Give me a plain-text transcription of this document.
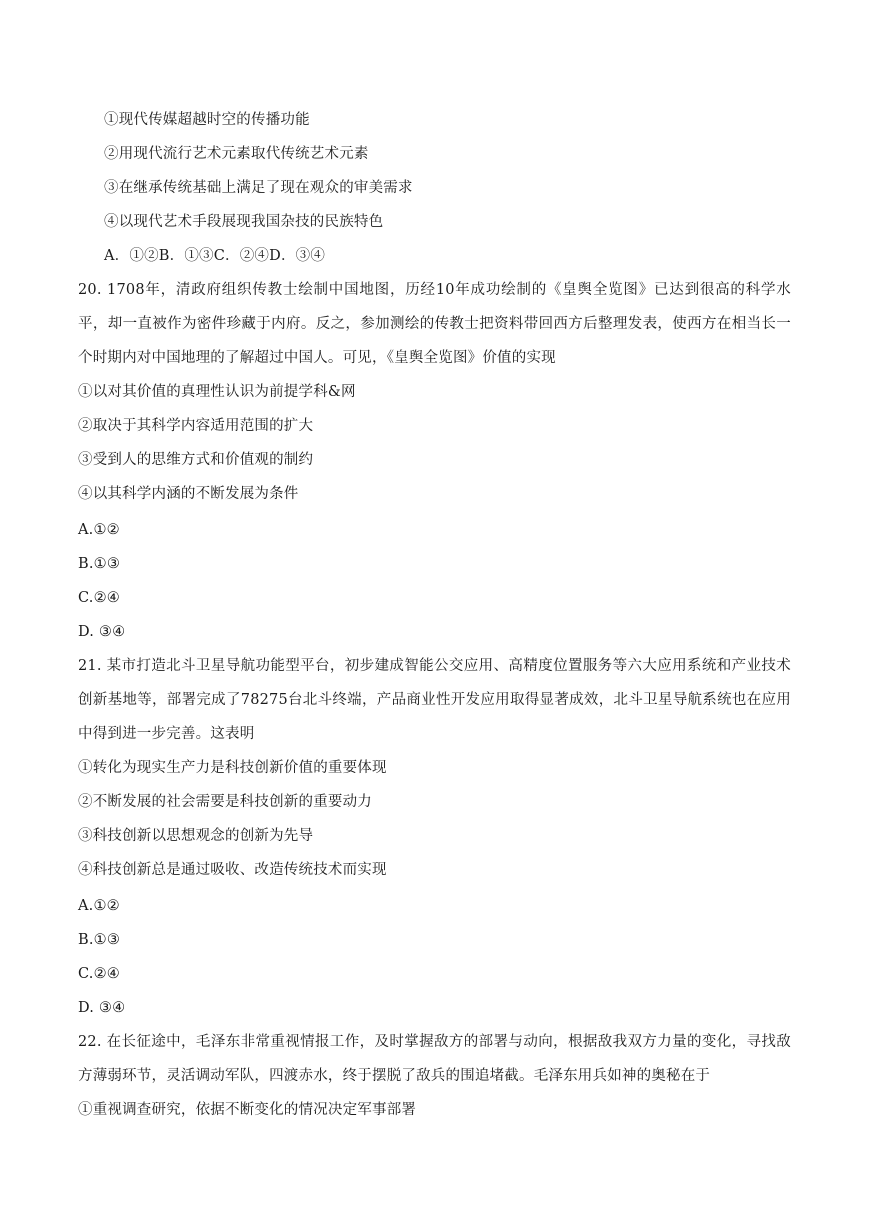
①现代传媒超越时空的传播功能
②用现代流行艺术元素取代传统艺术元素
③在继承传统基础上满足了现在观众的审美需求
④以现代艺术手段展现我国杂技的民族特色
A．①②B．①③C．②④D．③④
20. 1708年，清政府组织传教士绘制中国地图，历经10年成功绘制的《皇舆全览图》已达到很高的科学水平，却一直被作为密件珍藏于内府。反之，参加测绘的传教士把资料带回西方后整理发表，使西方在相当长一个时期内对中国地理的了解超过中国人。可见，《皇舆全览图》价值的实现
①以对其价值的真理性认识为前提学科&网
②取决于其科学内容适用范围的扩大
③受到人的思维方式和价值观的制约
④以其科学内涵的不断发展为条件
A.①②
B.①③
C.②④
D. ③④
21. 某市打造北斗卫星导航功能型平台，初步建成智能公交应用、高精度位置服务等六大应用系统和产业技术创新基地等，部署完成了78275台北斗终端，产品商业性开发应用取得显著成效，北斗卫星导航系统也在应用中得到进一步完善。这表明
①转化为现实生产力是科技创新价值的重要体现
②不断发展的社会需要是科技创新的重要动力
③科技创新以思想观念的创新为先导
④科技创新总是通过吸收、改造传统技术而实现
A.①②
B.①③
C.②④
D. ③④
22. 在长征途中，毛泽东非常重视情报工作，及时掌握敌方的部署与动向，根据敌我双方力量的变化，寻找敌方薄弱环节，灵活调动军队，四渡赤水，终于摆脱了敌兵的围追堵截。毛泽东用兵如神的奥秘在于
①重视调查研究，依据不断变化的情况决定军事部署
